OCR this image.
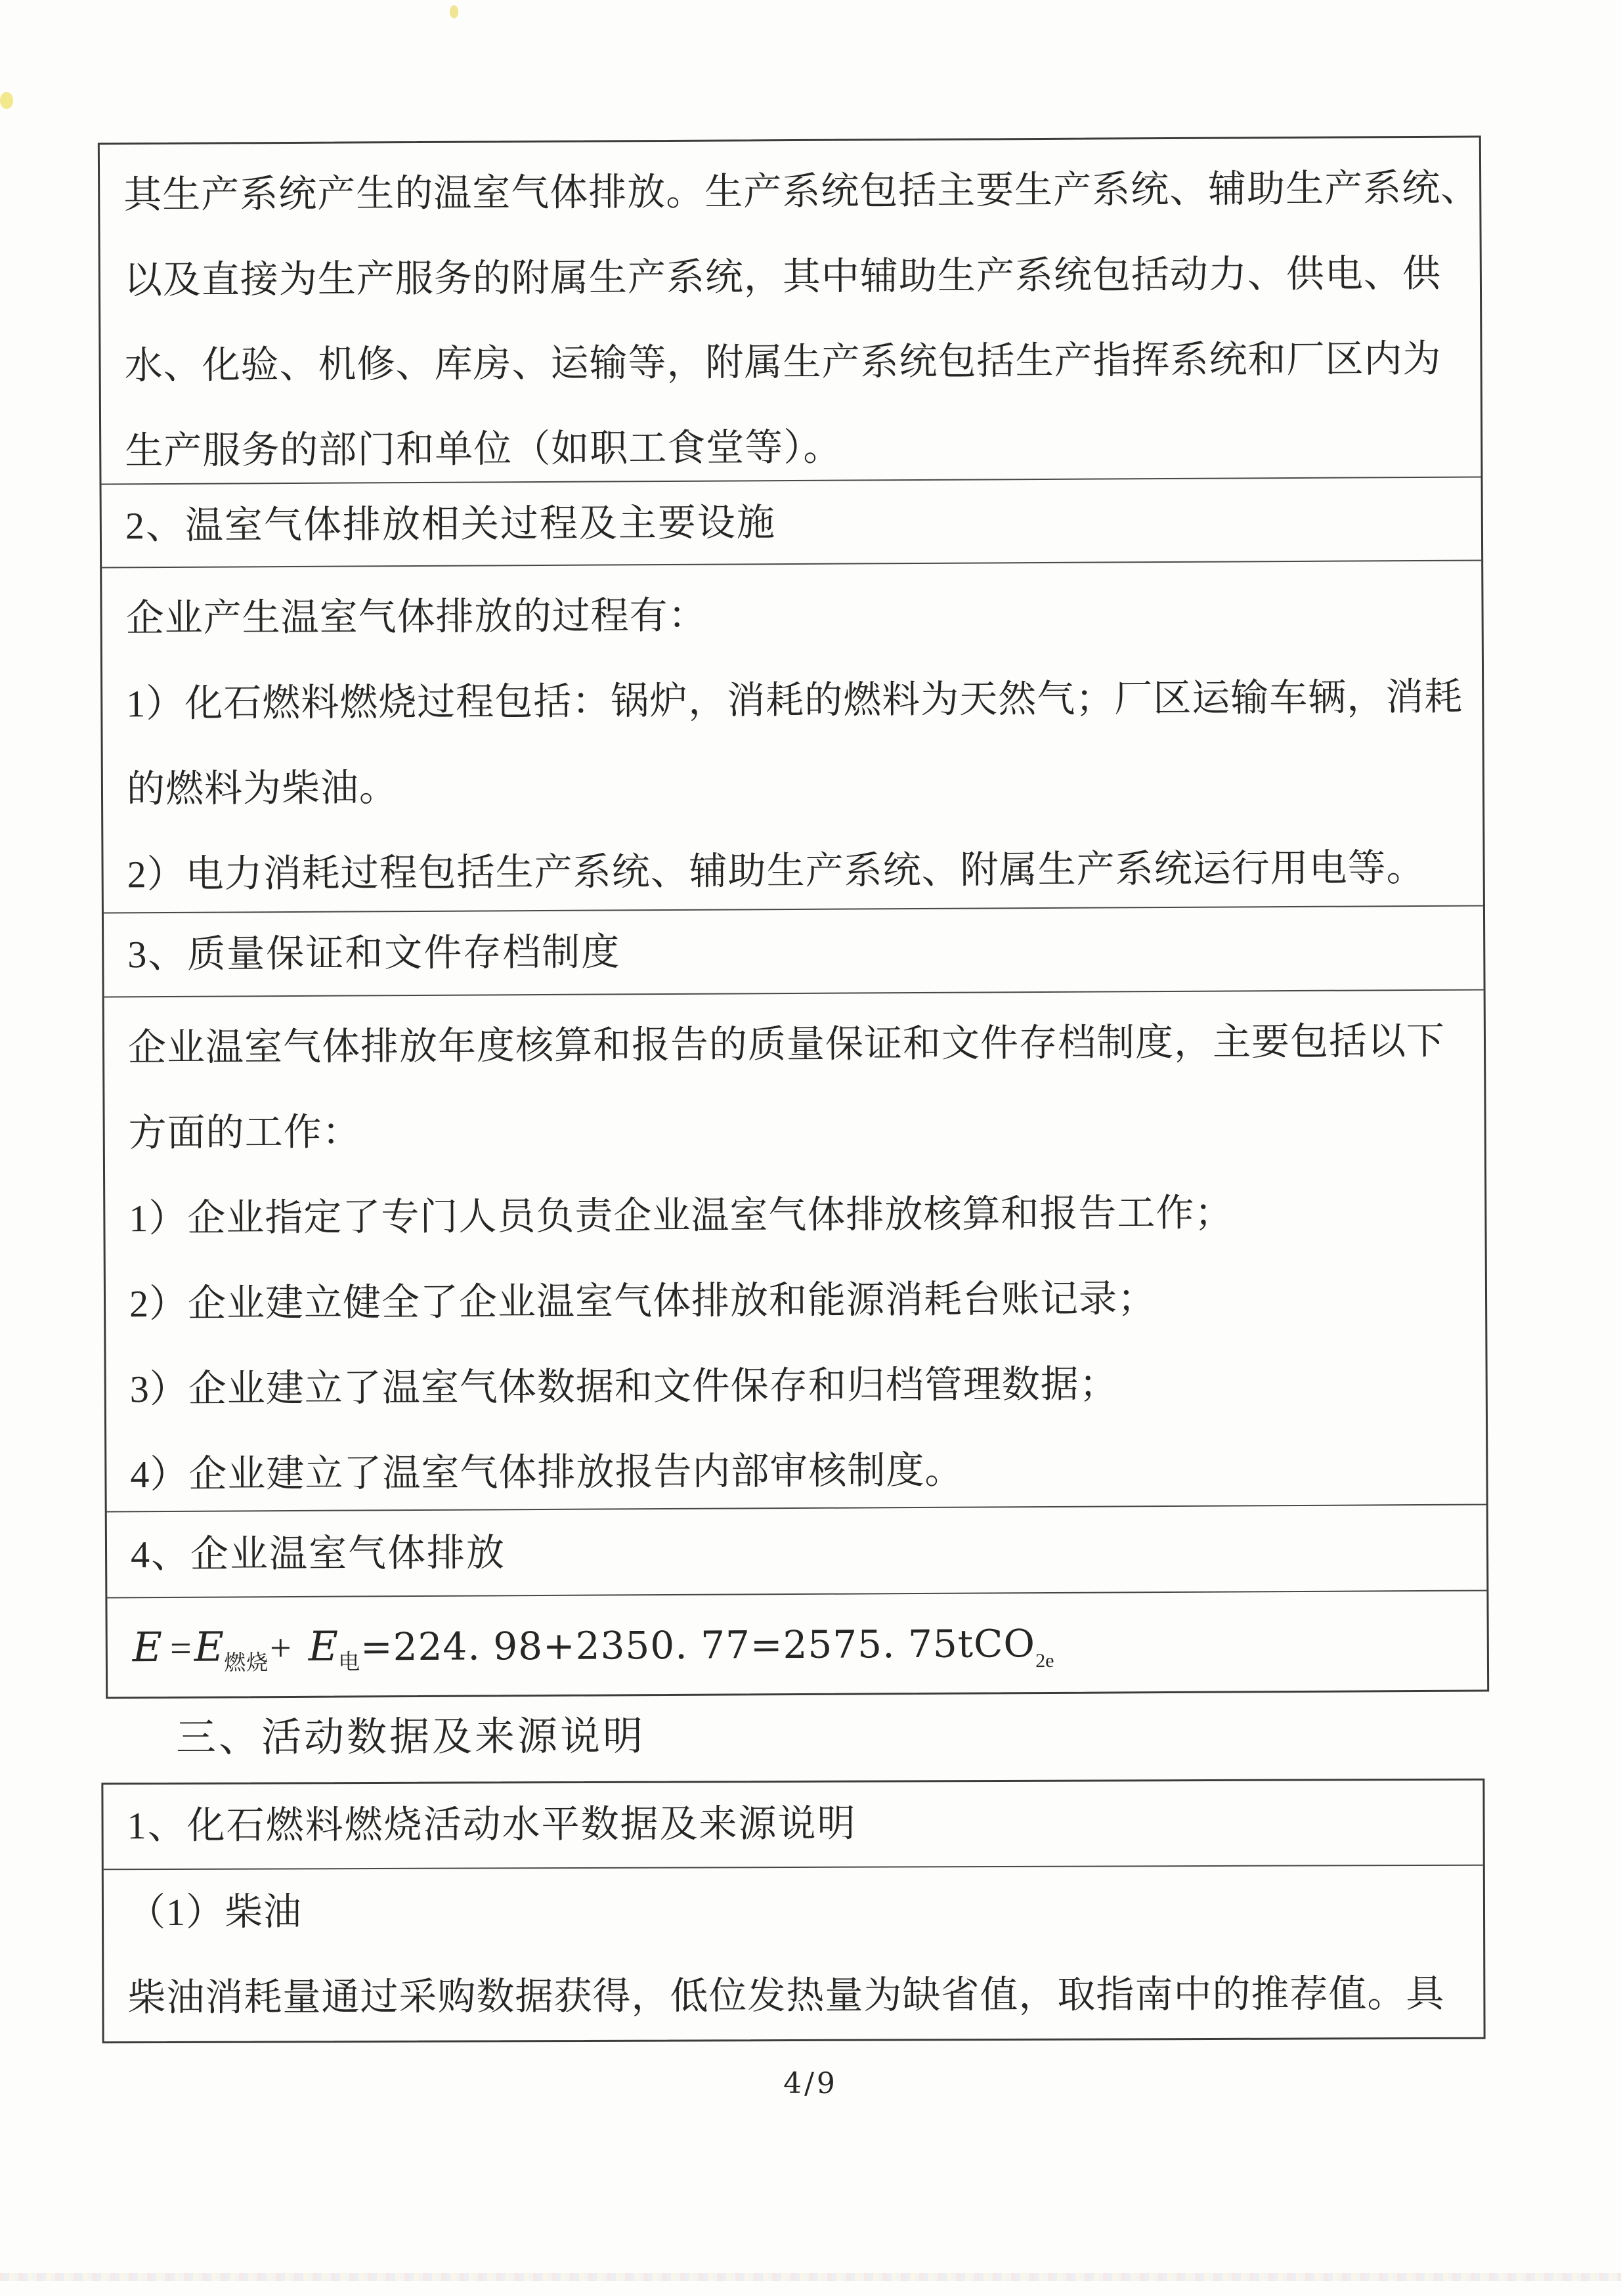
其生产系统产生的温室气体排放。生产系统包括主要生产系统、辅助生产系统、
以及直接为生产服务的附属生产系统，其中辅助生产系统包括动力、供电、供
水、化验、机修、库房、运输等，附属生产系统包括生产指挥系统和厂区内为
生产服务的部门和单位（如职工食堂等）。
2、温室气体排放相关过程及主要设施
企业产生温室气体排放的过程有：
1）化石燃料燃烧过程包括：锅炉，消耗的燃料为天然气；厂区运输车辆，消耗
的燃料为柴油。
2）电力消耗过程包括生产系统、辅助生产系统、附属生产系统运行用电等。
3、质量保证和文件存档制度
企业温室气体排放年度核算和报告的质量保证和文件存档制度，主要包括以下
方面的工作：
1）企业指定了专门人员负责企业温室气体排放核算和报告工作；
2）企业建立健全了企业温室气体排放和能源消耗台账记录；
3）企业建立了温室气体数据和文件保存和归档管理数据；
4）企业建立了温室气体排放报告内部审核制度。
4、企业温室气体排放
$E =E_{燃烧}+ E_电=224$. 98+2350. 77=2575. 75tCO$_{2e}$
三、活动数据及来源说明
1、化石燃料燃烧活动水平数据及来源说明
（1）柴油
柴油消耗量通过采购数据获得，低位发热量为缺省值，取指南中的推荐值。具
4/9
